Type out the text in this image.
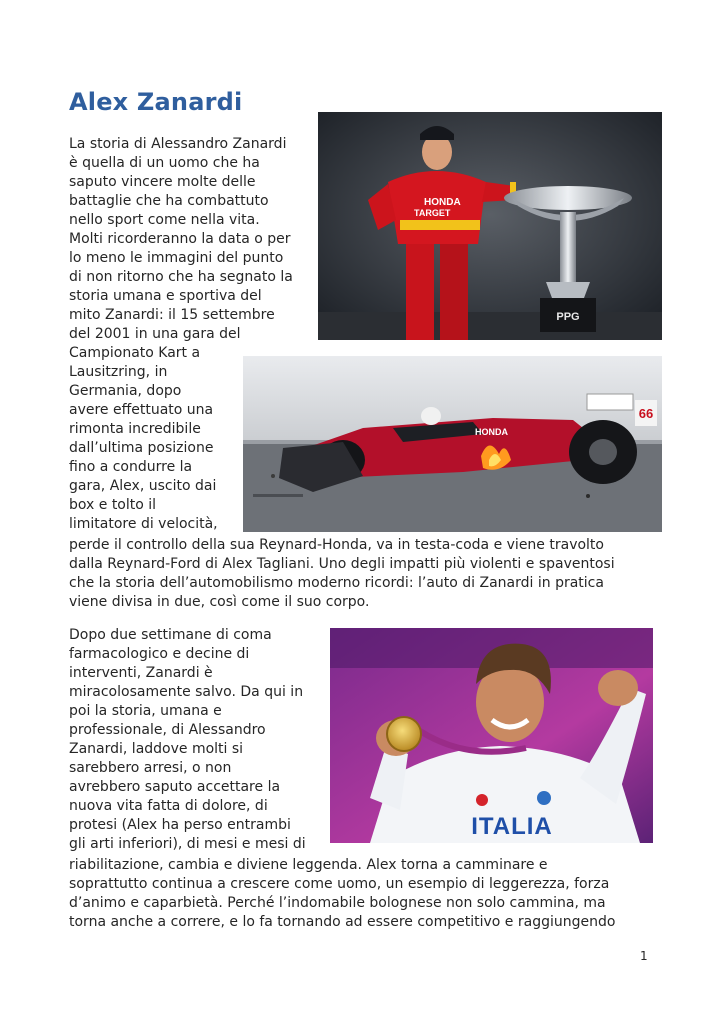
Alex Zanardi
La storia di Alessandro Zanardi
è quella di un uomo che ha
saputo vincere molte delle
battaglie che ha combattuto
nello sport come nella vita.
Molti ricorderanno la data o per
lo meno le immagini del punto
di non ritorno che ha segnato la
storia umana e sportiva del
mito Zanardi: il 15 settembre
del 2001 in una gara del
Campionato Kart a
Lausitzring, in
Germania, dopo
avere effettuato una
rimonta incredibile
dall’ultima posizione
fino a condurre la
gara, Alex, uscito dai
box e tolto il
limitatore di velocità,
perde il controllo della sua Reynard-Honda, va in testa-coda e viene travolto
dalla Reynard-Ford di Alex Tagliani. Uno degli impatti più violenti e spaventosi
che la storia dell’automobilismo moderno ricordi: l’auto di Zanardi in pratica
viene divisa in due, così come il suo corpo.
Dopo due settimane di coma
farmacologico e decine di
interventi, Zanardi è
miracolosamente salvo. Da qui in
poi la storia, umana e
professionale, di Alessandro
Zanardi, laddove molti si
sarebbero arresi, o non
avrebbero saputo accettare la
nuova vita fatta di dolore, di
protesi (Alex ha perso entrambi
gli arti inferiori), di mesi e mesi di
riabilitazione, cambia e diviene leggenda. Alex torna a camminare e
soprattutto continua a crescere come uomo, un esempio di leggerezza, forza
d’animo e caparbietà. Perché l’indomabile bolognese non solo cammina, ma
torna anche a correre, e lo fa tornando ad essere competitivo e raggiungendo
HONDA
TARGET
PPG
66
HONDA
ITALIA
1
